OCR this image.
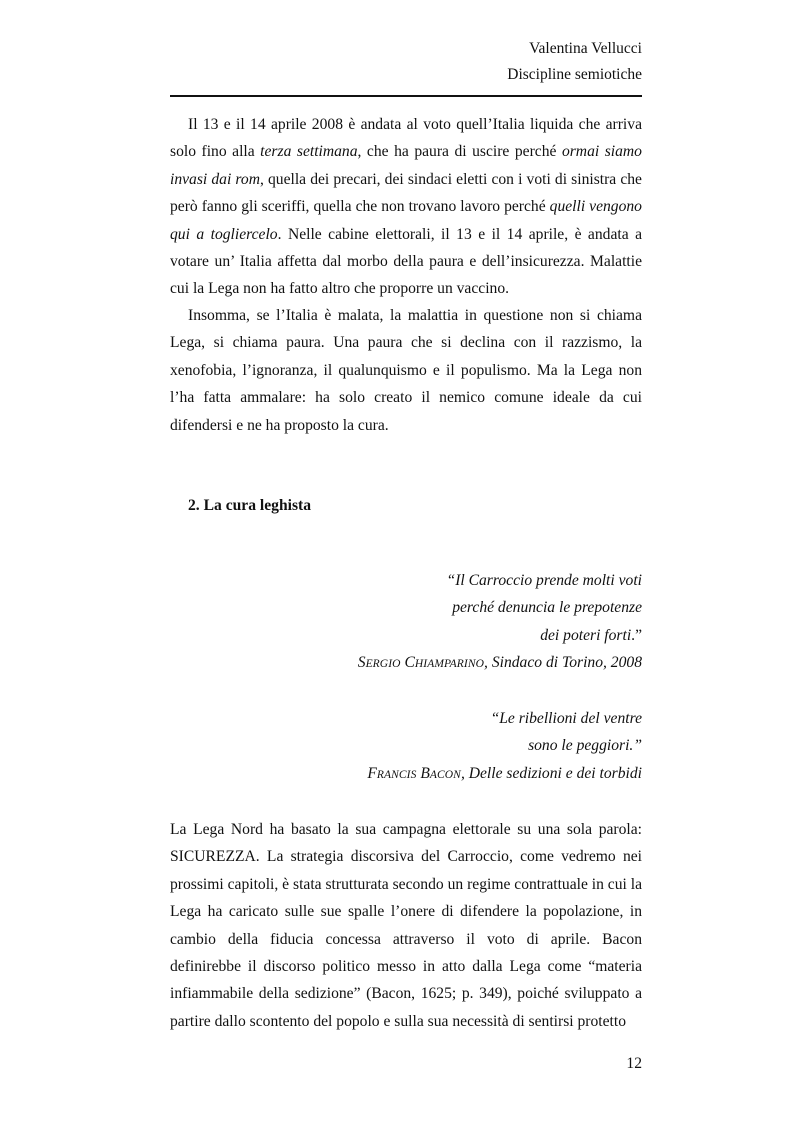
Valentina Vellucci
Discipline semiotiche

Il 13 e il 14 aprile 2008 è andata al voto quell’Italia liquida che arriva solo fino alla terza settimana, che ha paura di uscire perché ormai siamo invasi dai rom, quella dei precari, dei sindaci eletti con i voti di sinistra che però fanno gli sceriffi, quella che non trovano lavoro perché quelli vengono qui a togliercelo. Nelle cabine elettorali, il 13 e il 14 aprile, è andata a votare un’ Italia affetta dal morbo della paura e dell’insicurezza. Malattie cui la Lega non ha fatto altro che proporre un vaccino.

Insomma, se l’Italia è malata, la malattia in questione non si chiama Lega, si chiama paura. Una paura che si declina con il razzismo, la xenofobia, l’ignoranza, il qualunquismo e il populismo. Ma la Lega non l’ha fatta ammalare: ha solo creato il nemico comune ideale da cui difendersi e ne ha proposto la cura.

2. La cura leghista
“Il Carroccio prende molti voti
perché denuncia le prepotenze
dei poteri forti.”
SERGIO CHIAMPARINO, Sindaco di Torino, 2008
“Le ribellioni del ventre
sono le peggiori.”
FRANCIS BACON, Delle sedizioni e dei torbidi

La Lega Nord ha basato la sua campagna elettorale su una sola parola: SICUREZZA. La strategia discorsiva del Carroccio, come vedremo nei prossimi capitoli, è stata strutturata secondo un regime contrattuale in cui la Lega ha caricato sulle sue spalle l’onere di difendere la popolazione, in cambio della fiducia concessa attraverso il voto di aprile. Bacon definirebbe il discorso politico messo in atto dalla Lega come “materia infiammabile della sedizione” (Bacon, 1625; p. 349), poiché sviluppato a partire dallo scontento del popolo e sulla sua necessità di sentirsi protetto

12
